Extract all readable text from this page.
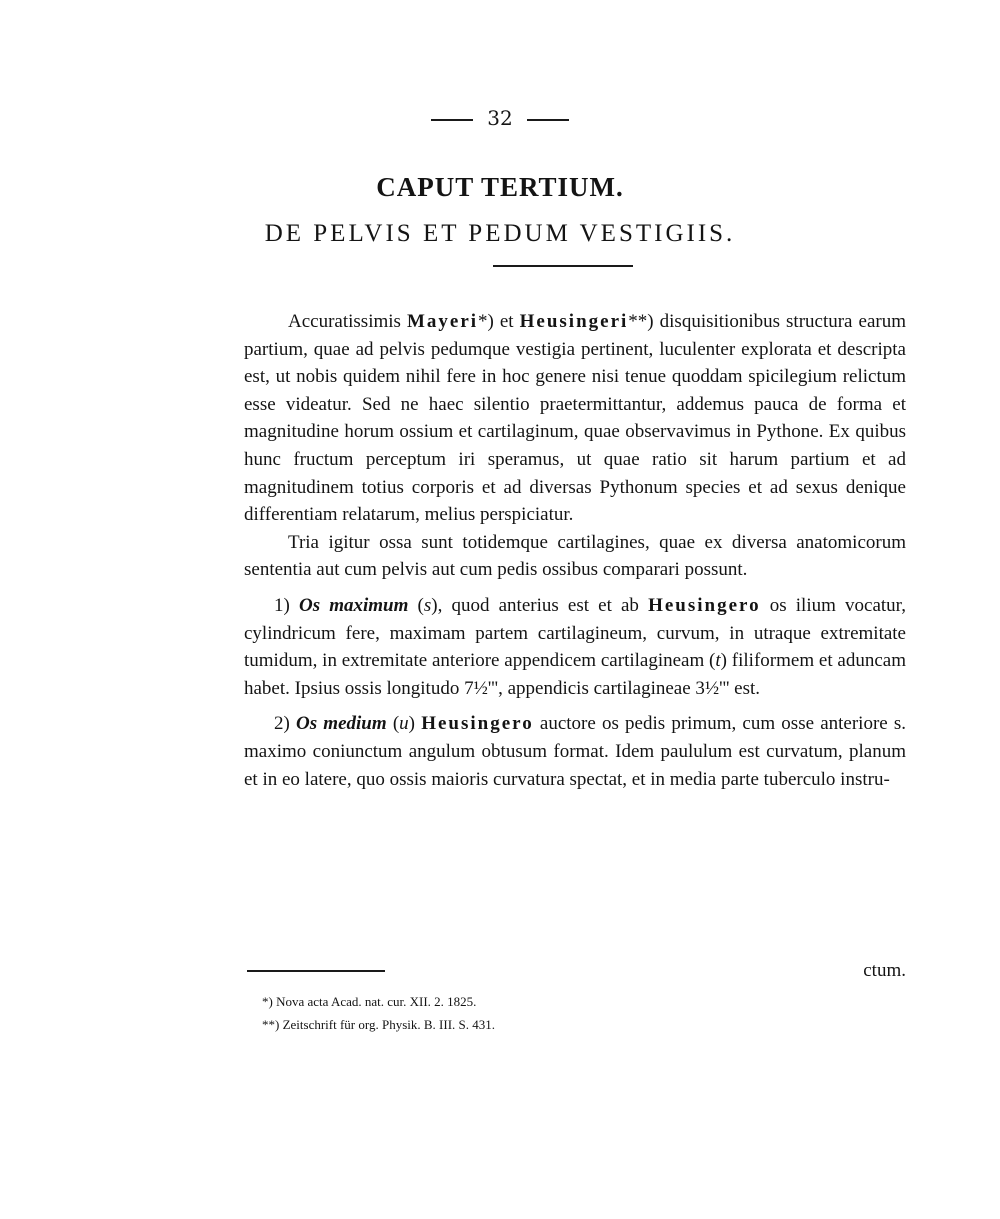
32
CAPUT TERTIUM.
DE PELVIS ET PEDUM VESTIGIIS.

Accuratissimis Mayeri*) et Heusingeri**) disquisitionibus structura earum partium, quae ad pelvis pedumque vestigia pertinent, luculenter explorata et descripta est, ut nobis quidem nihil fere in hoc genere nisi tenue quoddam spicilegium relictum esse videatur. Sed ne haec silentio praetermittantur, addemus pauca de forma et magnitudine horum ossium et cartilaginum, quae observavimus in Pythone. Ex quibus hunc fructum perceptum iri speramus, ut quae ratio sit harum partium et ad magnitudinem totius corporis et ad diversas Pythonum species et ad sexus denique differentiam relatarum, melius perspiciatur.

Tria igitur ossa sunt totidemque cartilagines, quae ex diversa anatomicorum sententia aut cum pelvis aut cum pedis ossibus comparari possunt.

1) Os maximum (s), quod anterius est et ab Heusingero os ilium vocatur, cylindricum fere, maximam partem cartilagineum, curvum, in utraque extremitate tumidum, in extremitate anteriore appendicem cartilagineam (t) filiformem et aduncam habet. Ipsius ossis longitudo 7½''', appendicis cartilagineae 3½''' est.

2) Os medium (u) Heusingero auctore os pedis primum, cum osse anteriore s. maximo coniunctum angulum obtusum format. Idem paululum est curvatum, planum et in eo latere, quo ossis maioris curvatura spectat, et in media parte tuberculo instru-

ctum.
*) Nova acta Acad. nat. cur. XII. 2. 1825.
**) Zeitschrift für org. Physik. B. III. S. 431.
